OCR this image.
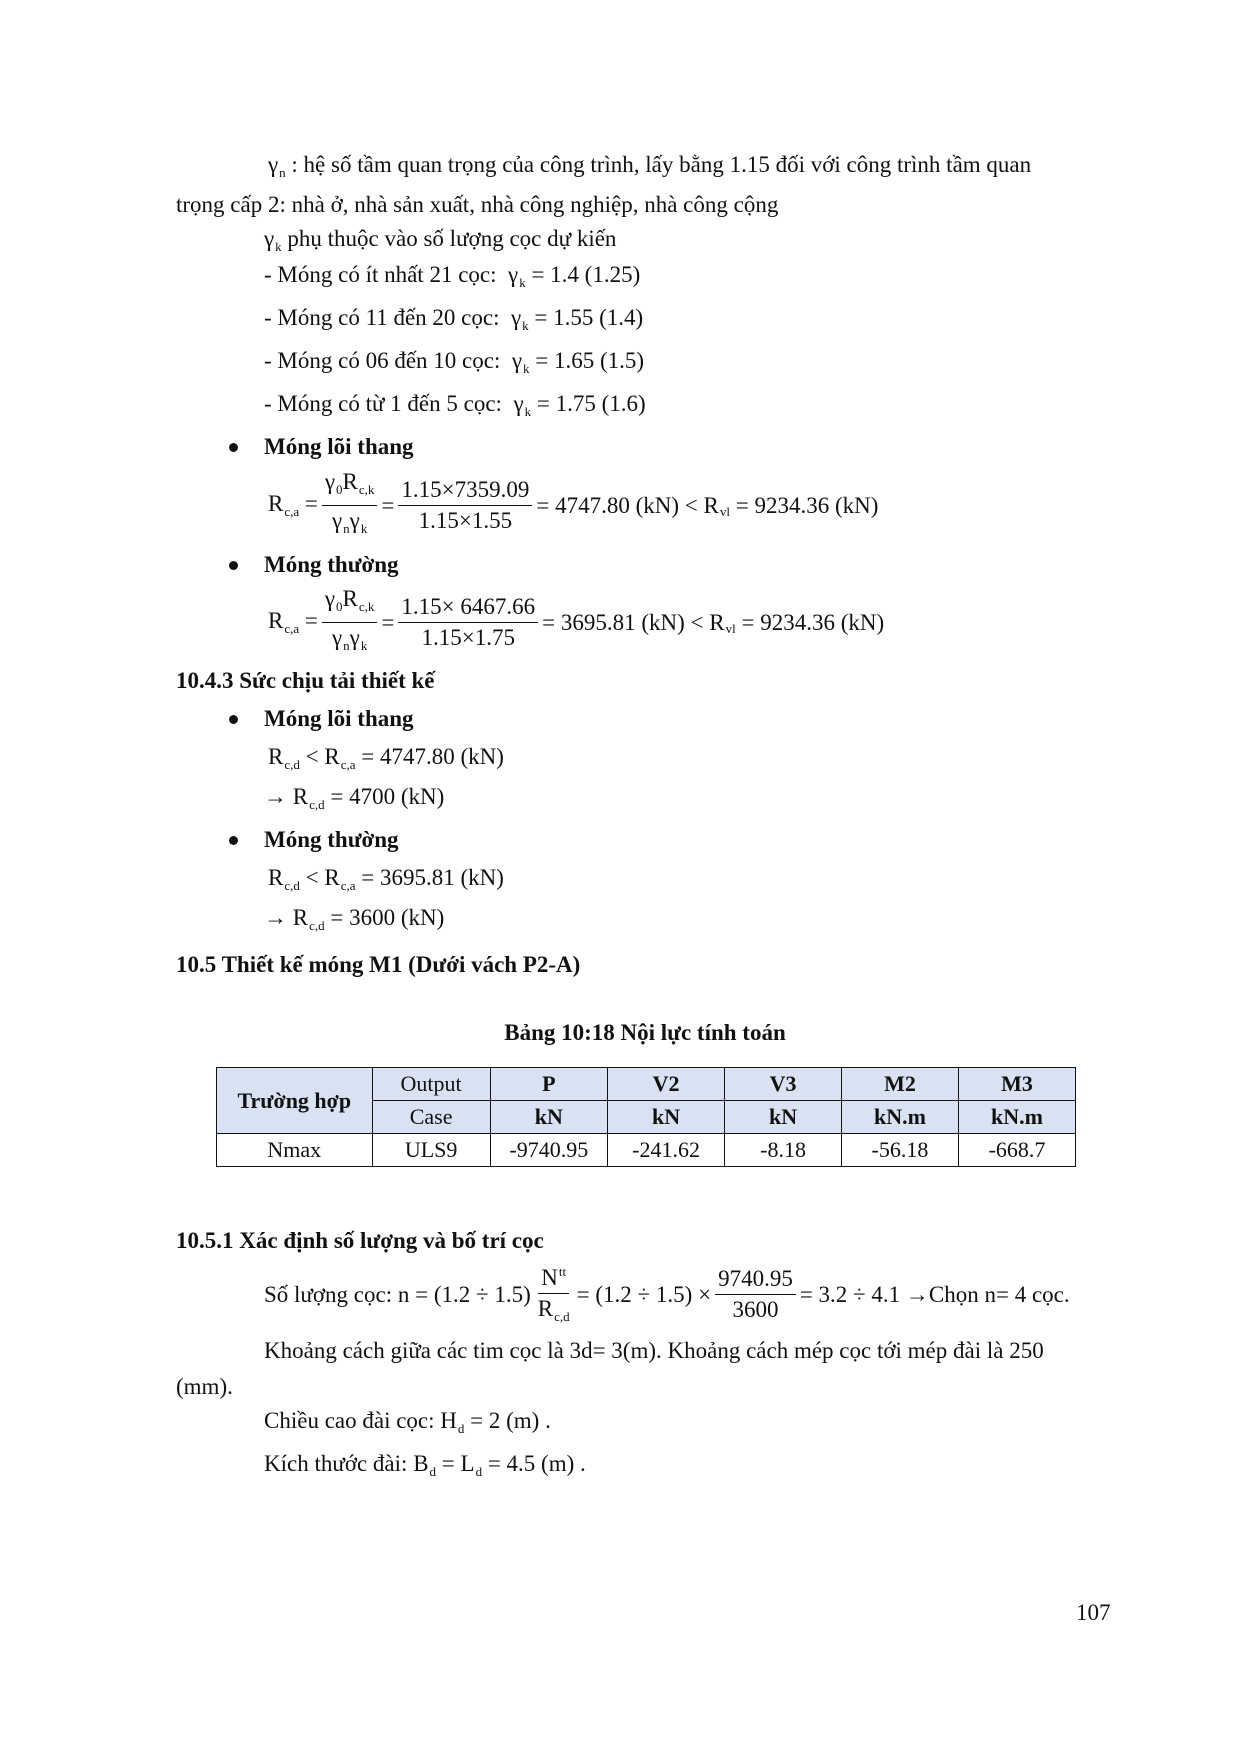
$\gamma_n$ : hệ số tầm quan trọng của công trình, lấy bằng 1.15 đối với công trình tầm quan
trọng cấp 2: nhà ở, nhà sản xuất, nhà công nghiệp, nhà công cộng
$\gamma_k$ phụ thuộc vào số lượng cọc dự kiến
- Móng có ít nhất 21 cọc:  $\gamma_k = 1.4$ (1.25)
- Móng có 11 đến 20 cọc:  $\gamma_k = 1.55$ (1.4)
- Móng có 06 đến 10 cọc:  $\gamma_k = 1.65$ (1.5)
- Móng có từ 1 đến 5 cọc:  $\gamma_k = 1.75$ (1.6)
Móng lõi thang
$R_{c,a} = \frac{\gamma_0R_{c,k}}{\gamma_n\gamma_k} = \frac{1.15\times 7359.09}{1.15\times 1.55} = 4747.80$ (kN) < R $_{vl}$ = 9234.36 (kN)
Móng thường
$R_{c,a} = \frac{\gamma_0R_{c,k}}{\gamma_n\gamma_k} = \frac{1.15\times 6467.66}{1.15\times 1.75} = 3695.81$ (kN) < R $_{vl}$ = 9234.36 (kN)
10.4.3 Sức chịu tải thiết kế
Móng lõi thang
$R_{c,d} < R_{c,a} = 4747.80$ (kN)
→ $R_{c,d} = 4700$ (kN)
Móng thường
$R_{c,d} < R_{c,a} = 3695.81$ (kN)
→ $R_{c,d} = 3600$ (kN)
10.5 Thiết kế móng M1 (Dưới vách P2-A)
Bảng 10:18 Nội lực tính toán
Trường hợp	Output	P	V2	V3	M2	M3
	Case	kN	kN	kN	kN.m	kN.m
Nmax	ULS9	-9740.95	-241.62	-8.18	-56.18	-668.7
10.5.1 Xác định số lượng và bố trí cọc
Số lượng cọc:
$n = (1.2 \div 1.5) \frac{N^{tt}}{R_{c,d}} = (1.2 \div 1.5) \times \frac{9740.95}{3600} = 3.2 \div 4.1$ →Chọn n= 4 cọc.
Khoảng cách giữa các tim cọc là 3d= 3(m). Khoảng cách mép cọc tới mép đài là 250
(mm).
Chiều cao đài cọc: $H_d = 2$ (m) .
Kích thước đài: $B_d = L_d = 4.5$ (m) .
107
